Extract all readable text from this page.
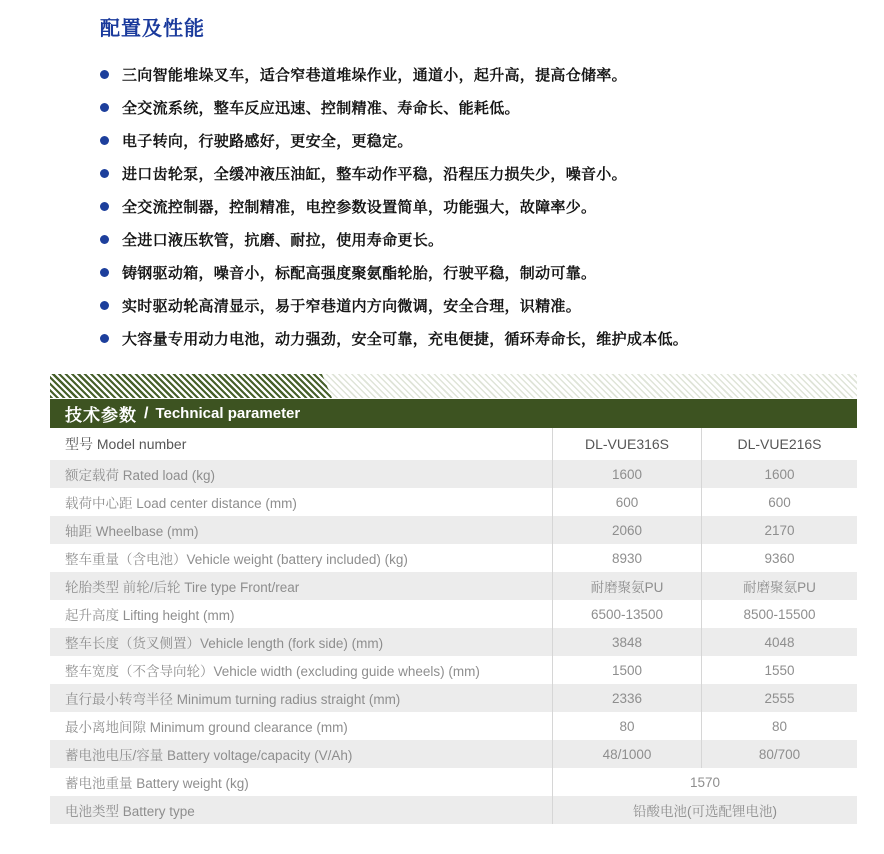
配置及性能
三向智能堆垛叉车，适合窄巷道堆垛作业，通道小，起升高，提高仓储率。
全交流系统，整车反应迅速、控制精准、寿命长、能耗低。
电子转向，行驶路感好，更安全，更稳定。
进口齿轮泵，全缓冲液压油缸，整车动作平稳，沿程压力损失少，噪音小。
全交流控制器，控制精准，电控参数设置简单，功能强大，故障率少。
全进口液压软管，抗磨、耐拉，使用寿命更长。
铸钢驱动箱，噪音小，标配高强度聚氨酯轮胎，行驶平稳，制动可靠。
实时驱动轮高清显示，易于窄巷道内方向微调，安全合理，识精准。
大容量专用动力电池，动力强劲，安全可靠，充电便捷，循环寿命长，维护成本低。
技术参数 / Technical parameter
型号 Model number	DL-VUE316S	DL-VUE216S
额定载荷 Rated load (kg)	1600	1600
载荷中心距 Load center distance (mm)	600	600
轴距 Wheelbase (mm)	2060	2170
整车重量（含电池）Vehicle weight (battery included) (kg)	8930	9360
轮胎类型 前轮/后轮 Tire type Front/rear	耐磨聚氨PU	耐磨聚氨PU
起升高度 Lifting height (mm)	6500-13500	8500-15500
整车长度（货叉侧置）Vehicle length (fork side) (mm)	3848	4048
整车宽度（不含导向轮）Vehicle width (excluding guide wheels) (mm)	1500	1550
直行最小转弯半径 Minimum turning radius straight (mm)	2336	2555
最小离地间隙 Minimum ground clearance (mm)	80	80
蓄电池电压/容量 Battery voltage/capacity (V/Ah)	48/1000	80/700
蓄电池重量 Battery weight (kg)	1570
电池类型 Battery type	铅酸电池(可选配锂电池)
